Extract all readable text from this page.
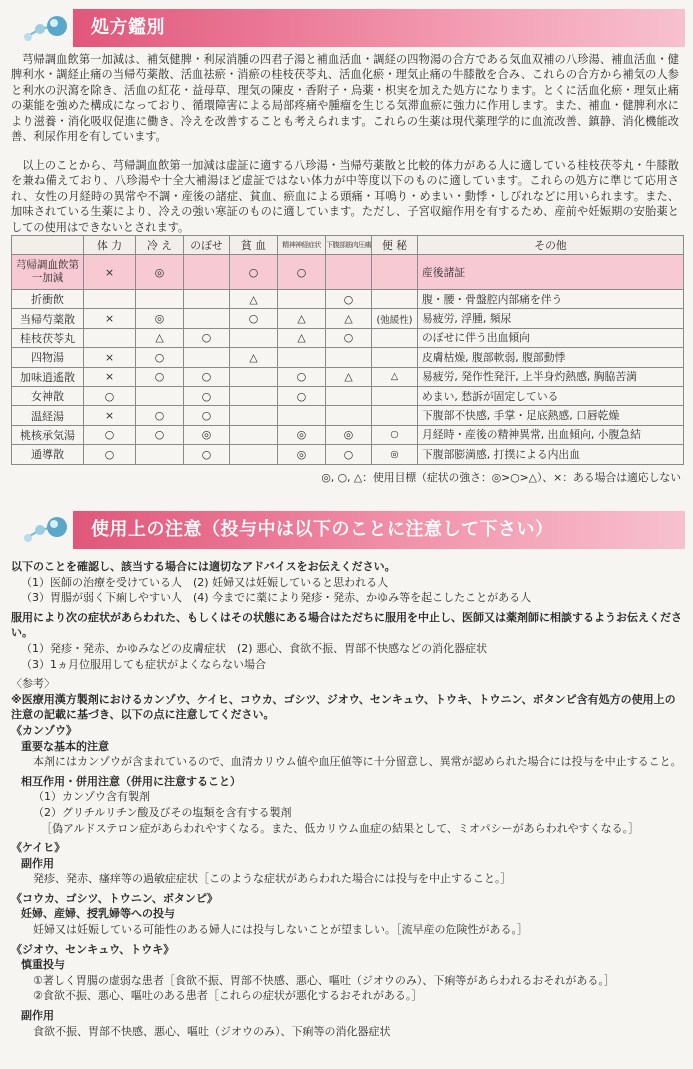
処方鑑別

芎帰調血飲第一加減は、補気健脾・利尿消腫の四君子湯と補血活血・調経の四物湯の合方である気血双補の八珍湯、補血活血・健脾利水・調経止痛の当帰芍薬散、活血祛瘀・消瘀の桂枝茯苓丸、活血化瘀・理気止痛の牛膝散を合み、これらの合方から補気の人参と利水の沢瀉を除き、活血の紅花・益母草、理気の陳皮・香附子・烏薬・枳実を加えた処方になります。とくに活血化瘀・理気止痛の薬能を強めた構成になっており、循環障害による局部疼痛や腫瘤を生じる気滞血瘀に強力に作用します。また、補血・健脾利水により滋養・消化吸収促進に働き、冷えを改善することも考えられます。これらの生薬は現代薬理学的に血流改善、鎮静、消化機能改善、利尿作用を有しています。

以上のことから、芎帰調血飲第一加減は虚証に適する八珍湯・当帰芍薬散と比較的体力がある人に適している桂枝茯苓丸・牛膝散を兼ね備えており、八珍湯や十全大補湯ほど虚証ではない体力が中等度以下のものに適しています。これらの処方に準じて応用され、女性の月経時の異常や不調・産後の諸症、貧血、瘀血による頭痛・耳鳴り・めまい・動悸・しびれなどに用いられます。また、加味されている生薬により、冷えの強い寒証のものに適しています。ただし、子宮収縮作用を有するため、産前や妊娠期の安胎薬としての使用はできないとされます。

	体 力	冷 え	のぼせ	貧 血	精神神経症状	下腹部筋肉圧痛	便 秘	その他
芎帰調血飲第一加減	×	◎		○	○			産後諸証
折衝飲				△		○		腹・腰・骨盤腔内部痛を伴う
当帰芍薬散	×	◎		○	△	△	(弛緩性)	易疲労, 浮腫, 頻尿
桂枝茯苓丸		△	○		△	○		のぼせに伴う出血傾向
四物湯	×	○		△				皮膚枯燥, 腹部軟弱, 腹部動悸
加味逍遙散	×	○	○		○	△	△	易疲労, 発作性発汗, 上半身灼熱感, 胸脇苦満
女神散	○		○		○			めまい, 愁訴が固定している
温経湯	×	○	○					下腹部不快感, 手掌・足底熱感, 口唇乾燥
桃核承気湯	○	○	◎		◎	◎	○	月経時・産後の精神異常, 出血傾向, 小腹急結
通導散	○		○		◎	○	◎	下腹部膨満感, 打撲による内出血
◎, ○, △：使用目標（症状の強さ：◎>○>△）、×：ある場合は適応しない
使用上の注意（投与中は以下のことに注意して下さい）
以下のことを確認し、該当する場合には適切なアドバイスをお伝えください。
（1）医師の治療を受けている人　(2) 妊婦又は妊娠していると思われる人
（3）胃腸が弱く下痢しやすい人　(4) 今までに薬により発疹・発赤、かゆみ等を起こしたことがある人
服用により次の症状があらわれた、もしくはその状態にある場合はただちに服用を中止し、医師又は薬剤師に相談するようお伝えください。
（1）発疹・発赤、かゆみなどの皮膚症状　(2) 悪心、食欲不振、胃部不快感などの消化器症状
（3）1ヵ月位服用しても症状がよくならない場合
〈参考〉
※医療用漢方製剤におけるカンゾウ、ケイヒ、コウカ、ゴシツ、ジオウ、センキュウ、トウキ、トウニン、ボタンピ含有処方の使用上の注意の記載に基づき、以下の点に注意してください。
《カンゾウ》
重要な基本的注意
本剤にはカンゾウが含まれているので、血清カリウム値や血圧値等に十分留意し、異常が認められた場合には投与を中止すること。
相互作用・併用注意（併用に注意すること）
（1）カンゾウ含有製剤
（2）グリチルリチン酸及びその塩類を含有する製剤
［偽アルドステロン症があらわれやすくなる。また、低カリウム血症の結果として、ミオパシーがあらわれやすくなる。］
《ケイヒ》
副作用
発疹、発赤、瘙痒等の過敏症症状［このような症状があらわれた場合には投与を中止すること。］
《コウカ、ゴシツ、トウニン、ボタンピ》
妊婦、産婦、授乳婦等への投与
妊婦又は妊娠している可能性のある婦人には投与しないことが望ましい。［流早産の危険性がある。］
《ジオウ、センキュウ、トウキ》
慎重投与
①著しく胃腸の虚弱な患者［食欲不振、胃部不快感、悪心、嘔吐（ジオウのみ）、下痢等があらわれるおそれがある。］
②食欲不振、悪心、嘔吐のある患者［これらの症状が悪化するおそれがある。］
副作用
食欲不振、胃部不快感、悪心、嘔吐（ジオウのみ）、下痢等の消化器症状
